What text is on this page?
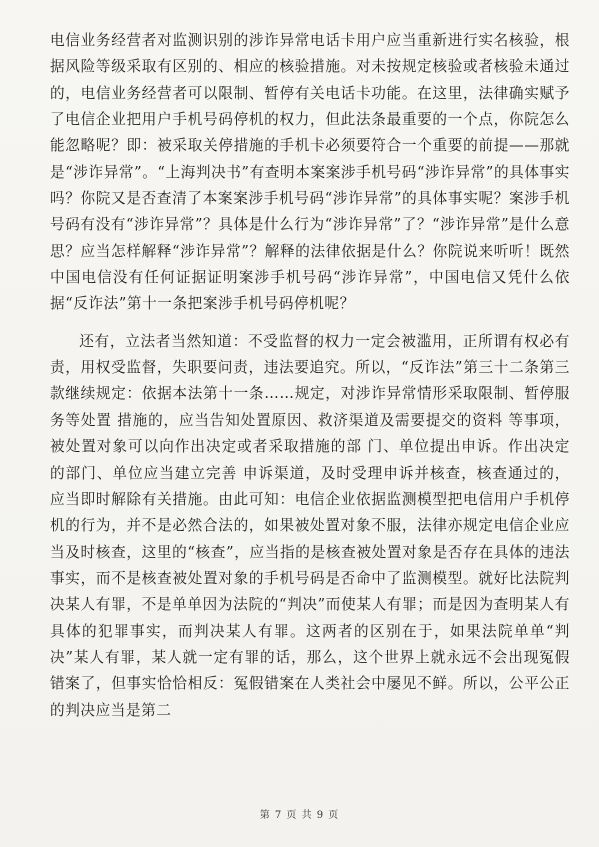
电信业务经营者对监测识别的涉诈异常电话卡用户应当重新进行实名核验，根据风险等级采取有区别的、相应的核验措施。对未按规定核验或者核验未通过的，电信业务经营者可以限制、暂停有关电话卡功能。在这里，法律确实赋予了电信企业把用户手机号码停机的权力，但此法条最重要的一个点，你院怎么能忽略呢？即：被采取关停措施的手机卡必须要符合一个重要的前提——那就是“涉诈异常”。“上海判决书”有查明本案案涉手机号码“涉诈异常”的具体事实吗？你院又是否查清了本案案涉手机号码“涉诈异常”的具体事实呢？案涉手机号码有没有“涉诈异常”？具体是什么行为“涉诈异常”了？“涉诈异常”是什么意思？应当怎样解释“涉诈异常”？解释的法律依据是什么？你院说来听听！既然中国电信没有任何证据证明案涉手机号码“涉诈异常”，中国电信又凭什么依据“反诈法”第十一条把案涉手机号码停机呢？

还有，立法者当然知道：不受监督的权力一定会被滥用，正所谓有权必有责，用权受监督，失职要问责，违法要追究。所以，“反诈法”第三十二条第三款继续规定：依据本法第十一条……规定，对涉诈异常情形采取限制、暂停服务等处置 措施的，应当告知处置原因、救济渠道及需要提交的资料 等事项，被处置对象可以向作出决定或者采取措施的部 门、单位提出申诉。作出决定的部门、单位应当建立完善 申诉渠道，及时受理申诉并核查，核查通过的，应当即时解除有关措施。由此可知：电信企业依据监测模型把电信用户手机停机的行为，并不是必然合法的，如果被处置对象不服，法律亦规定电信企业应当及时核查，这里的“核查”，应当指的是核查被处置对象是否存在具体的违法事实，而不是核查被处置对象的手机号码是否命中了监测模型。就好比法院判决某人有罪，不是单单因为法院的“判决”而使某人有罪；而是因为查明某人有具体的犯罪事实，而判决某人有罪。这两者的区别在于，如果法院单单“判决”某人有罪，某人就一定有罪的话，那么，这个世界上就永远不会出现冤假错案了，但事实恰恰相反：冤假错案在人类社会中屡见不鲜。所以，公平公正的判决应当是第二

第 7 页 共 9 页
